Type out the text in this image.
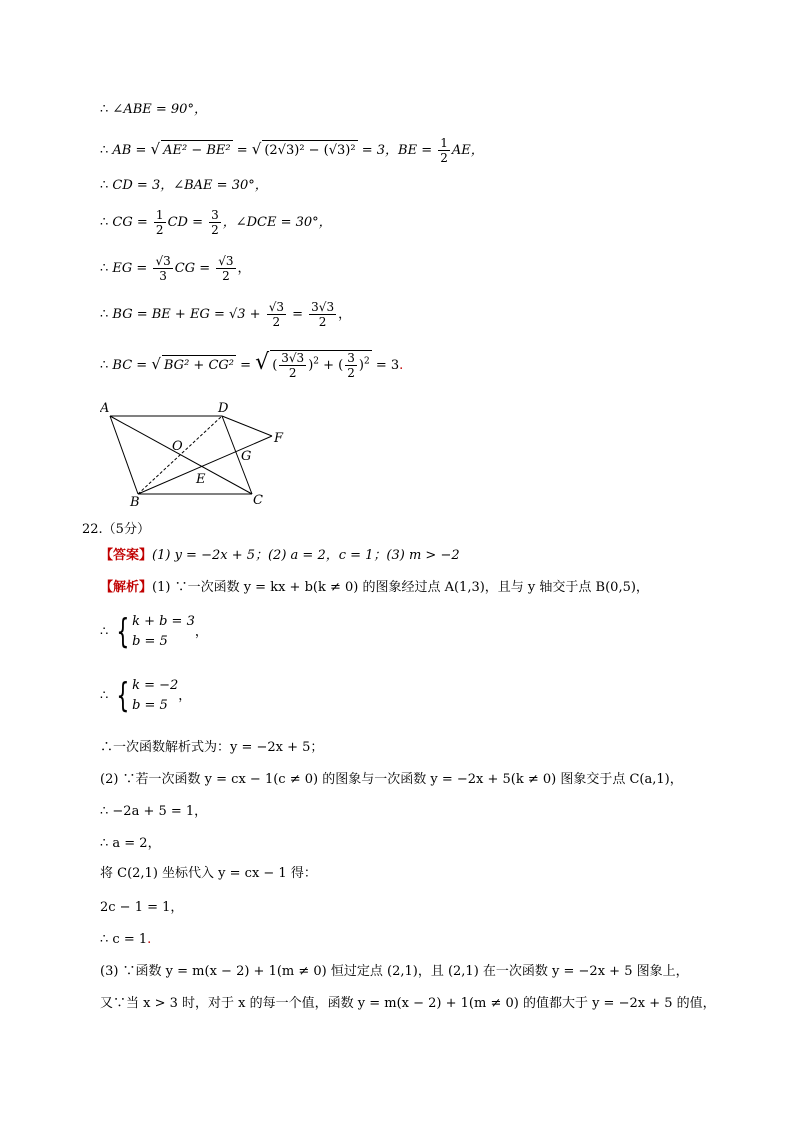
∴ ∠ABE = 90°，
∴ AB = √ AE² − BE² = √ (2√3)² − (√3)² = 3，BE = $\frac{1}{2}$ AE，
∴ CD = 3，∠BAE = 30°，
∴ CG = $\frac{1}{2}$ CD = $\frac{3}{2}$ ，∠DCE = 30°，
∴ EG = $\frac{√3}{3}$ CG = $\frac{√3}{2}$ ，
∴ BG = BE + EG = $√3 + \frac{√3}{2} = \frac{3√3}{2}$ ，
∴ BC = √ BG² + CG² = √ ( $\frac{3√3}{2} )^2$ + ( $\frac{3}{2} )^2 = 3$.
A	D
O
F
G
E
B	C
22.（5分）
【答案】(1) y = −2x + 5；(2) a = 2，c = 1；(3) m > −2
【解析】(1) ∵一次函数 y = kx + b(k ≠ 0) 的图象经过点 A(1,3)，且与 y 轴交于点 B(0,5)，
∴ { k + b = 3
b = 5
，
∴ { k = −2
b = 5
，
∴一次函数解析式为：y = −2x + 5；
(2) ∵若一次函数 y = cx − 1(c ≠ 0) 的图象与一次函数 y = −2x + 5(k ≠ 0) 图象交于点 C(a,1)，
∴ −2a + 5 = 1，
∴ a = 2，
将 C(2,1) 坐标代入 y = cx − 1 得：
2c − 1 = 1，
∴ c = 1.
(3) ∵函数 y = m(x − 2) + 1(m ≠ 0) 恒过定点 (2,1)，且 (2,1) 在一次函数 y = −2x + 5 图象上，
又∵当 x > 3 时，对于 x 的每一个值，函数 y = m(x − 2) + 1(m ≠ 0) 的值都大于 y = −2x + 5 的值，
